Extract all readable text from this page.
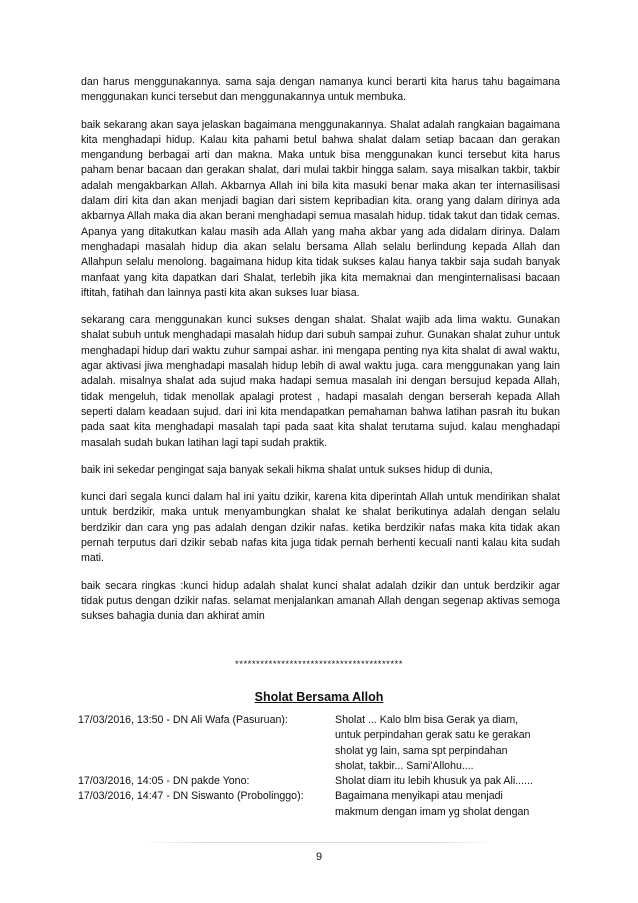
dan harus menggunakannya. sama saja dengan namanya kunci berarti kita harus tahu bagaimana menggunakan kunci tersebut dan menggunakannya untuk membuka.

baik sekarang akan saya jelaskan bagaimana menggunakannya. Shalat adalah rangkaian bagaimana kita menghadapi hidup. Kalau kita pahami betul bahwa shalat dalam setiap bacaan dan gerakan mengandung berbagai arti dan makna. Maka untuk bisa menggunakan kunci tersebut kita harus paham benar bacaan dan gerakan shalat, dari mulai takbir hingga salam. saya misalkan takbir, takbir adalah mengakbarkan Allah. Akbarnya Allah ini bila kita masuki benar maka akan ter internasilisasi dalam diri kita dan akan menjadi bagian dari sistem kepribadian kita. orang yang dalam dirinya ada akbarnya Allah maka dia akan berani menghadapi semua masalah hidup. tidak takut dan tidak cemas. Apanya yang ditakutkan kalau masih ada Allah yang maha akbar yang ada didalam dirinya. Dalam menghadapi masalah hidup dia akan selalu bersama Allah selalu berlindung kepada Allah dan Allahpun selalu menolong. bagaimana hidup kita tidak sukses kalau hanya takbir saja sudah banyak manfaat yang kita dapatkan dari Shalat, terlebih jika kita memaknai dan menginternalisasi bacaan iftitah, fatihah dan lainnya pasti kita akan sukses luar biasa.

sekarang cara menggunakan kunci sukses dengan shalat. Shalat wajib ada lima waktu. Gunakan shalat subuh untuk menghadapi masalah hidup dari subuh sampai zuhur. Gunakan shalat zuhur untuk menghadapi hidup dari waktu zuhur sampai ashar. ini mengapa penting nya kita shalat di awal waktu, agar aktivasi jiwa menghadapi masalah hidup lebih di awal waktu juga. cara menggunakan yang lain adalah. misalnya shalat ada sujud maka hadapi semua masalah ini dengan bersujud kepada Allah, tidak mengeluh, tidak menollak apalagi protest , hadapi masalah dengan berserah kepada Allah seperti dalam keadaan sujud. dari ini kita mendapatkan pemahaman bahwa latihan pasrah itu bukan pada saat kita menghadapi masalah tapi pada saat kita shalat terutama sujud. kalau menghadapi masalah sudah bukan latihan lagi tapi sudah praktik.

baik ini sekedar pengingat saja banyak sekali hikma shalat untuk sukses hidup di dunia,

kunci dari segala kunci dalam hal ini yaitu dzikir, karena kita diperintah Allah untuk mendirikan shalat untuk berdzikir, maka untuk menyambungkan shalat ke shalat berikutinya adalah dengan selalu berdzikir dan cara yng pas adalah dengan dzikir nafas. ketika berdzikir nafas maka kita tidak akan pernah terputus dari dzikir sebab nafas kita juga tidak pernah berhenti kecuali nanti kalau kita sudah mati.

baik secara ringkas :kunci hidup adalah shalat kunci shalat adalah dzikir dan untuk berdzikir agar tidak putus dengan dzikir nafas. selamat menjalankan amanah Allah dengan segenap aktivas semoga sukses bahagia dunia dan akhirat amin

****************************************
Sholat Bersama Alloh
17/03/2016, 13:50 - DN Ali Wafa (Pasuruan):	Sholat ... Kalo blm bisa Gerak ya diam,
untuk perpindahan gerak satu ke gerakan
sholat yg lain, sama spt perpindahan
sholat, takbir... Sami'Allohu....
17/03/2016, 14:05 - DN pakde Yono:	Sholat diam itu lebih khusuk ya pak Ali......
17/03/2016, 14:47 - DN Siswanto (Probolinggo):	Bagaimana menyikapi atau menjadi
makmum dengan imam yg sholat dengan
9
